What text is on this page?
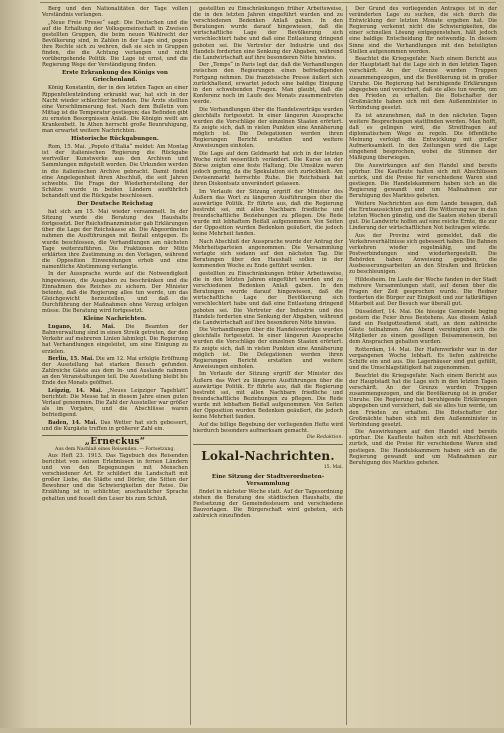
Berg und den Nationalitäten der Tage vollen Verständnis verlangen.

„Neue Freie Presse“ sagt: Die Deutschen und die auf die Erhaltung der Volksgemeinschaft in Zweisen gestellten Gruppen, die beim neuen Wahlrecht der Bevölkerung sind, in Zahlen in der Lage sind, gegen ihre Rechte sich zu wehren, daß sie sich in Gruppen finden, die die Achtung verlangen und nicht vorübergehende Politik. Die Lage ist ernst, und die Regierung Wege der Verständigung finden.

Erste Erkrankung des Königs von Griechenland.

König Konstantin, der in den letzten Tagen an einer Rippenfellentzündung erkrankt war, hat sich in der Nacht wieder schlechter befunden. Die Ärzte stellten eine Verschlimmerung fest. Nach dem Bulletin vom Mittag ist die Temperatur gestiegen; das Befinden gibt zu ernsten Besorgnissen Anlaß. Die Königin weilt am Krankenbett. In Athen herrscht große Beunruhigung, man erwartet weitere Nachrichten.

Historische Rückgabungen.

Rom, 15. Mai. „Popolo d'Italia“ meldet: Am Montag ist der italienischen Regierung die Rückgabe wertvoller Kunstwerke aus den Archiven und Sammlungen mitgeteilt worden. Die Urkunden werden in die italienischen Archive gebracht. Damit findet eine Angelegenheit ihren Abschluß, die seit Jahren schwebte. Die Frage der Wiederherstellung der Schätze wurde in beiden Ländern ausführlich behandelt und die Rückgabe beschlossen.

Der Deutsche Reichstag

hat sich am 15. Mai wieder versammelt. In der Sitzung wurde die Beratung des Haushalts fortgesetzt. Der Reichsfinanzminister gab Erklärungen über die Lage der Reichskasse ab. Die Abgeordneten nahmen die Ausführungen mit Beifall entgegen. Es wurde beschlossen, die Verhandlungen am nächsten Tage weiterzuführen. Die Fraktionen der Mitte erklärten ihre Zustimmung zu den Vorlagen, während die Opposition Einwendungen erhob und eine namentliche Abstimmung verlangte.

In der Aussprache wurde auf die Notwendigkeit hingewiesen, die Ausgaben zu beschränken und die Einnahmen des Reiches zu sichern. Der Minister betonte, daß die Regierung alles tun werde, um das Gleichgewicht herzustellen, und daß die Durchführung der Maßnahmen ohne Verzug erfolgen müsse. Die Beratung wird fortgesetzt.

Kleine Nachrichten.

Lugano, 14. Mai. Die Beamten der Bahnverwaltung sind in einen Streik getreten, der den Verkehr auf mehreren Linien lahmlegt. Die Regierung hat Verhandlungen eingeleitet, um eine Einigung zu erzielen.

Berlin, 15. Mai. Die am 12. Mai erfolgte Eröffnung der Ausstellung hat starken Besuch gefunden. Zahlreiche Gäste aus dem In- und Auslande nahmen an den Veranstaltungen teil. Die Ausstellung bleibt bis Ende des Monats geöffnet.

Leipzig, 14. Mai. „Neues Leipziger Tageblatt“ berichtet: Die Messe hat in diesem Jahre einen guten Verlauf genommen. Die Zahl der Aussteller war größer als im Vorjahre, und die Abschlüsse waren befriedigend.

Baden, 14. Mai. Das Wetter hat sich gebessert, und die Kurgäste treffen in größerer Zahl ein.

„Erneckus“
Aus dem Nachlaß eines Reisenden. — Fortsetzung.

Aus Heft 23. 1913. Das Tagebuch des Reisenden berichtet von seinen Erlebnissen in fernen Ländern und von den Begegnungen mit Menschen verschiedener Art. Er schildert die Landschaft mit großer Liebe, die Städte und Dörfer, die Sitten der Bewohner und die Schwierigkeiten der Reise. Die Erzählung ist in schlichter, anschaulicher Sprache gehalten und fesselt den Leser bis zum Schluß.

gestellten zu Einschränkungen früher Arbeitsweise, die in den letzten Jahren eingeführt wurden und zu verschiedenen Bedenken Anlaß gaben. In den Beratungen wurde darauf hingewiesen, daß die wirtschaftliche Lage der Bevölkerung sich verschlechtert habe und daß eine Entlastung dringend geboten sei. Die Vertreter der Industrie und des Handels forderten eine Senkung der Abgaben, während die Landwirtschaft auf ihre besonderen Nöte hinwies.

Der „Temps“ in Paris legt dar, daß die Verhandlungen zwischen den Regierungen einen befriedigenden Fortgang nehmen. Die französische Presse äußert sich zurückhaltend, erwartet jedoch eine baldige Einigung in den schwebenden Fragen. Man glaubt, daß die Konferenz noch im Laufe des Monats zusammentreten werde.

Die Verhandlungen über die Handelsverträge wurden gleichfalls fortgesetzt. In einer längeren Aussprache wurden die Vorschläge der einzelnen Staaten erörtert. Es zeigte sich, daß in vielen Punkten eine Annäherung möglich ist. Die Delegationen werden ihren Regierungen Bericht erstatten und weitere Anweisungen einholen.

Die Lage auf dem Geldmarkt hat sich in der letzten Woche nicht wesentlich verändert. Die Kurse an der Börse zeigten eine feste Haltung. Die Umsätze waren jedoch gering, da die Spekulation sich zurückhielt. Am Devisenmarkt herrschte Ruhe. Die Reichsbank hat ihren Diskontsatz unverändert gelassen.

Im Verlaufe der Sitzung ergriff der Minister des Äußern das Wort zu längeren Ausführungen über die auswärtige Politik. Er führte aus, daß die Regierung bestrebt sei, mit allen Nachbarn friedliche und freundschaftliche Beziehungen zu pflegen. Die Rede wurde mit lebhaftem Beifall aufgenommen. Von Seiten der Opposition wurden Bedenken geäußert, die jedoch keine Mehrheit fanden.

Nach Abschluß der Aussprache wurde der Antrag der Mehrheitsparteien angenommen. Die Versammlung vertagte sich sodann auf den nächsten Tag. Die Beratungen über den Haushalt sollen in der kommenden Woche zu Ende geführt werden.

gestellten zu Einschränkungen früher Arbeitsweise, die in den letzten Jahren eingeführt wurden und zu verschiedenen Bedenken Anlaß gaben. In den Beratungen wurde darauf hingewiesen, daß die wirtschaftliche Lage der Bevölkerung sich verschlechtert habe und daß eine Entlastung dringend geboten sei. Die Vertreter der Industrie und des Handels forderten eine Senkung der Abgaben, während die Landwirtschaft auf ihre besonderen Nöte hinwies.

Die Verhandlungen über die Handelsverträge wurden gleichfalls fortgesetzt. In einer längeren Aussprache wurden die Vorschläge der einzelnen Staaten erörtert. Es zeigte sich, daß in vielen Punkten eine Annäherung möglich ist. Die Delegationen werden ihren Regierungen Bericht erstatten und weitere Anweisungen einholen.

Im Verlaufe der Sitzung ergriff der Minister des Äußern das Wort zu längeren Ausführungen über die auswärtige Politik. Er führte aus, daß die Regierung bestrebt sei, mit allen Nachbarn friedliche und freundschaftliche Beziehungen zu pflegen. Die Rede wurde mit lebhaftem Beifall aufgenommen. Von Seiten der Opposition wurden Bedenken geäußert, die jedoch keine Mehrheit fanden.

Auf die billige Begebung der vorliegenden Hefte wird hierdurch besonders aufmerksam gemacht.

Die Redaktion.
Lokal-Nachrichten.
15. Mai.
Eine Sitzung der Stadtverordneten-Versammlung

findet in nächster Woche statt. Auf der Tagesordnung stehen die Beratung des städtischen Haushalts, die Festsetzung der Gemeindesteuern und verschiedene Bauvorlagen. Die Bürgerschaft wird gebeten, sich zahlreich einzufinden.

Der Grund des vorliegenden Antrages ist in der veränderten Lage zu suchen, die sich durch die Entwicklung der letzten Monate ergeben hat. Die Regierung verkennt nicht die Schwierigkeiten, die einer schnellen Lösung entgegenstehen, hält jedoch eine baldige Entscheidung für notwendig. In diesem Sinne sind die Verhandlungen mit den beteiligten Stellen aufgenommen worden.

Beachtet die Kriegsgefahr. Nach einem Bericht aus der Hauptstadt hat die Lage sich in den letzten Tagen verschärft. An der Grenze wurden Truppen zusammengezogen, und die Bevölkerung ist in großer Unruhe. Die Regierung hat beruhigende Erklärungen abgegeben und versichert, daß sie alles tun werde, um den Frieden zu erhalten. Die Botschafter der Großmächte haben sich mit dem Außenminister in Verbindung gesetzt.

Es ist anzunehmen, daß in den nächsten Tagen weitere Besprechungen stattfinden werden. Man hofft, daß es gelingen wird, die Streitfragen auf diplomatischem Wege zu regeln. Die öffentliche Meinung verfolgt die Entwicklung mit großer Aufmerksamkeit. In den Zeitungen wird die Lage eingehend besprochen, wobei die Stimmen der Mäßigung überwiegen.

Die Auswirkungen auf den Handel sind bereits spürbar. Die Kaufleute halten sich mit Abschlüssen zurück, und die Preise für verschiedene Waren sind gestiegen. Die Handelskammern haben sich an die Regierung gewandt und um Maßnahmen zur Beruhigung des Marktes gebeten.

Weitere Nachrichten aus dem Lande besagen, daß die Ernteaussichten gut sind. Die Witterung war in den letzten Wochen günstig, und die Saaten stehen überall gut. Die Landwirte hoffen auf eine reiche Ernte, die zur Linderung der wirtschaftlichen Not beitragen würde.

Aus der Provinz wird gemeldet, daß die Verkehrsverhältnisse sich gebessert haben. Die Bahnen verkehren wieder regelmäßig, und die Postverbindungen sind wiederhergestellt. Die Behörden haben Anweisung gegeben, die Ausbesserungsarbeiten an den Straßen und Brücken zu beschleunigen.

Hildesheim. Im Laufe der Woche fanden in der Stadt mehrere Versammlungen statt, auf denen über die Fragen der Zeit gesprochen wurde. Die Redner forderten die Bürger zur Einigkeit und zur tatkräftigen Mitarbeit auf. Der Besuch war überall gut.

Düsseldorf, 14. Mai. Die hiesige Gemeinde beging gestern die Feier ihres Bestehens. Aus diesem Anlaß fand ein Festgottesdienst statt, an dem zahlreiche Gäste teilnahmen. Am Abend vereinigten sich die Mitglieder zu einem geselligen Beisammensein, bei dem Ansprachen gehalten wurden.

Rotterdam, 14. Mai. Der Hafenverkehr war in der vergangenen Woche lebhaft. Es liefen zahlreiche Schiffe ein und aus. Die Lagerhäuser sind gut gefüllt, und die Umschlagstätigkeit hat zugenommen.

Beachtet die Kriegsgefahr. Nach einem Bericht aus der Hauptstadt hat die Lage sich in den letzten Tagen verschärft. An der Grenze wurden Truppen zusammengezogen, und die Bevölkerung ist in großer Unruhe. Die Regierung hat beruhigende Erklärungen abgegeben und versichert, daß sie alles tun werde, um den Frieden zu erhalten. Die Botschafter der Großmächte haben sich mit dem Außenminister in Verbindung gesetzt.

Die Auswirkungen auf den Handel sind bereits spürbar. Die Kaufleute halten sich mit Abschlüssen zurück, und die Preise für verschiedene Waren sind gestiegen. Die Handelskammern haben sich an die Regierung gewandt und um Maßnahmen zur Beruhigung des Marktes gebeten.
